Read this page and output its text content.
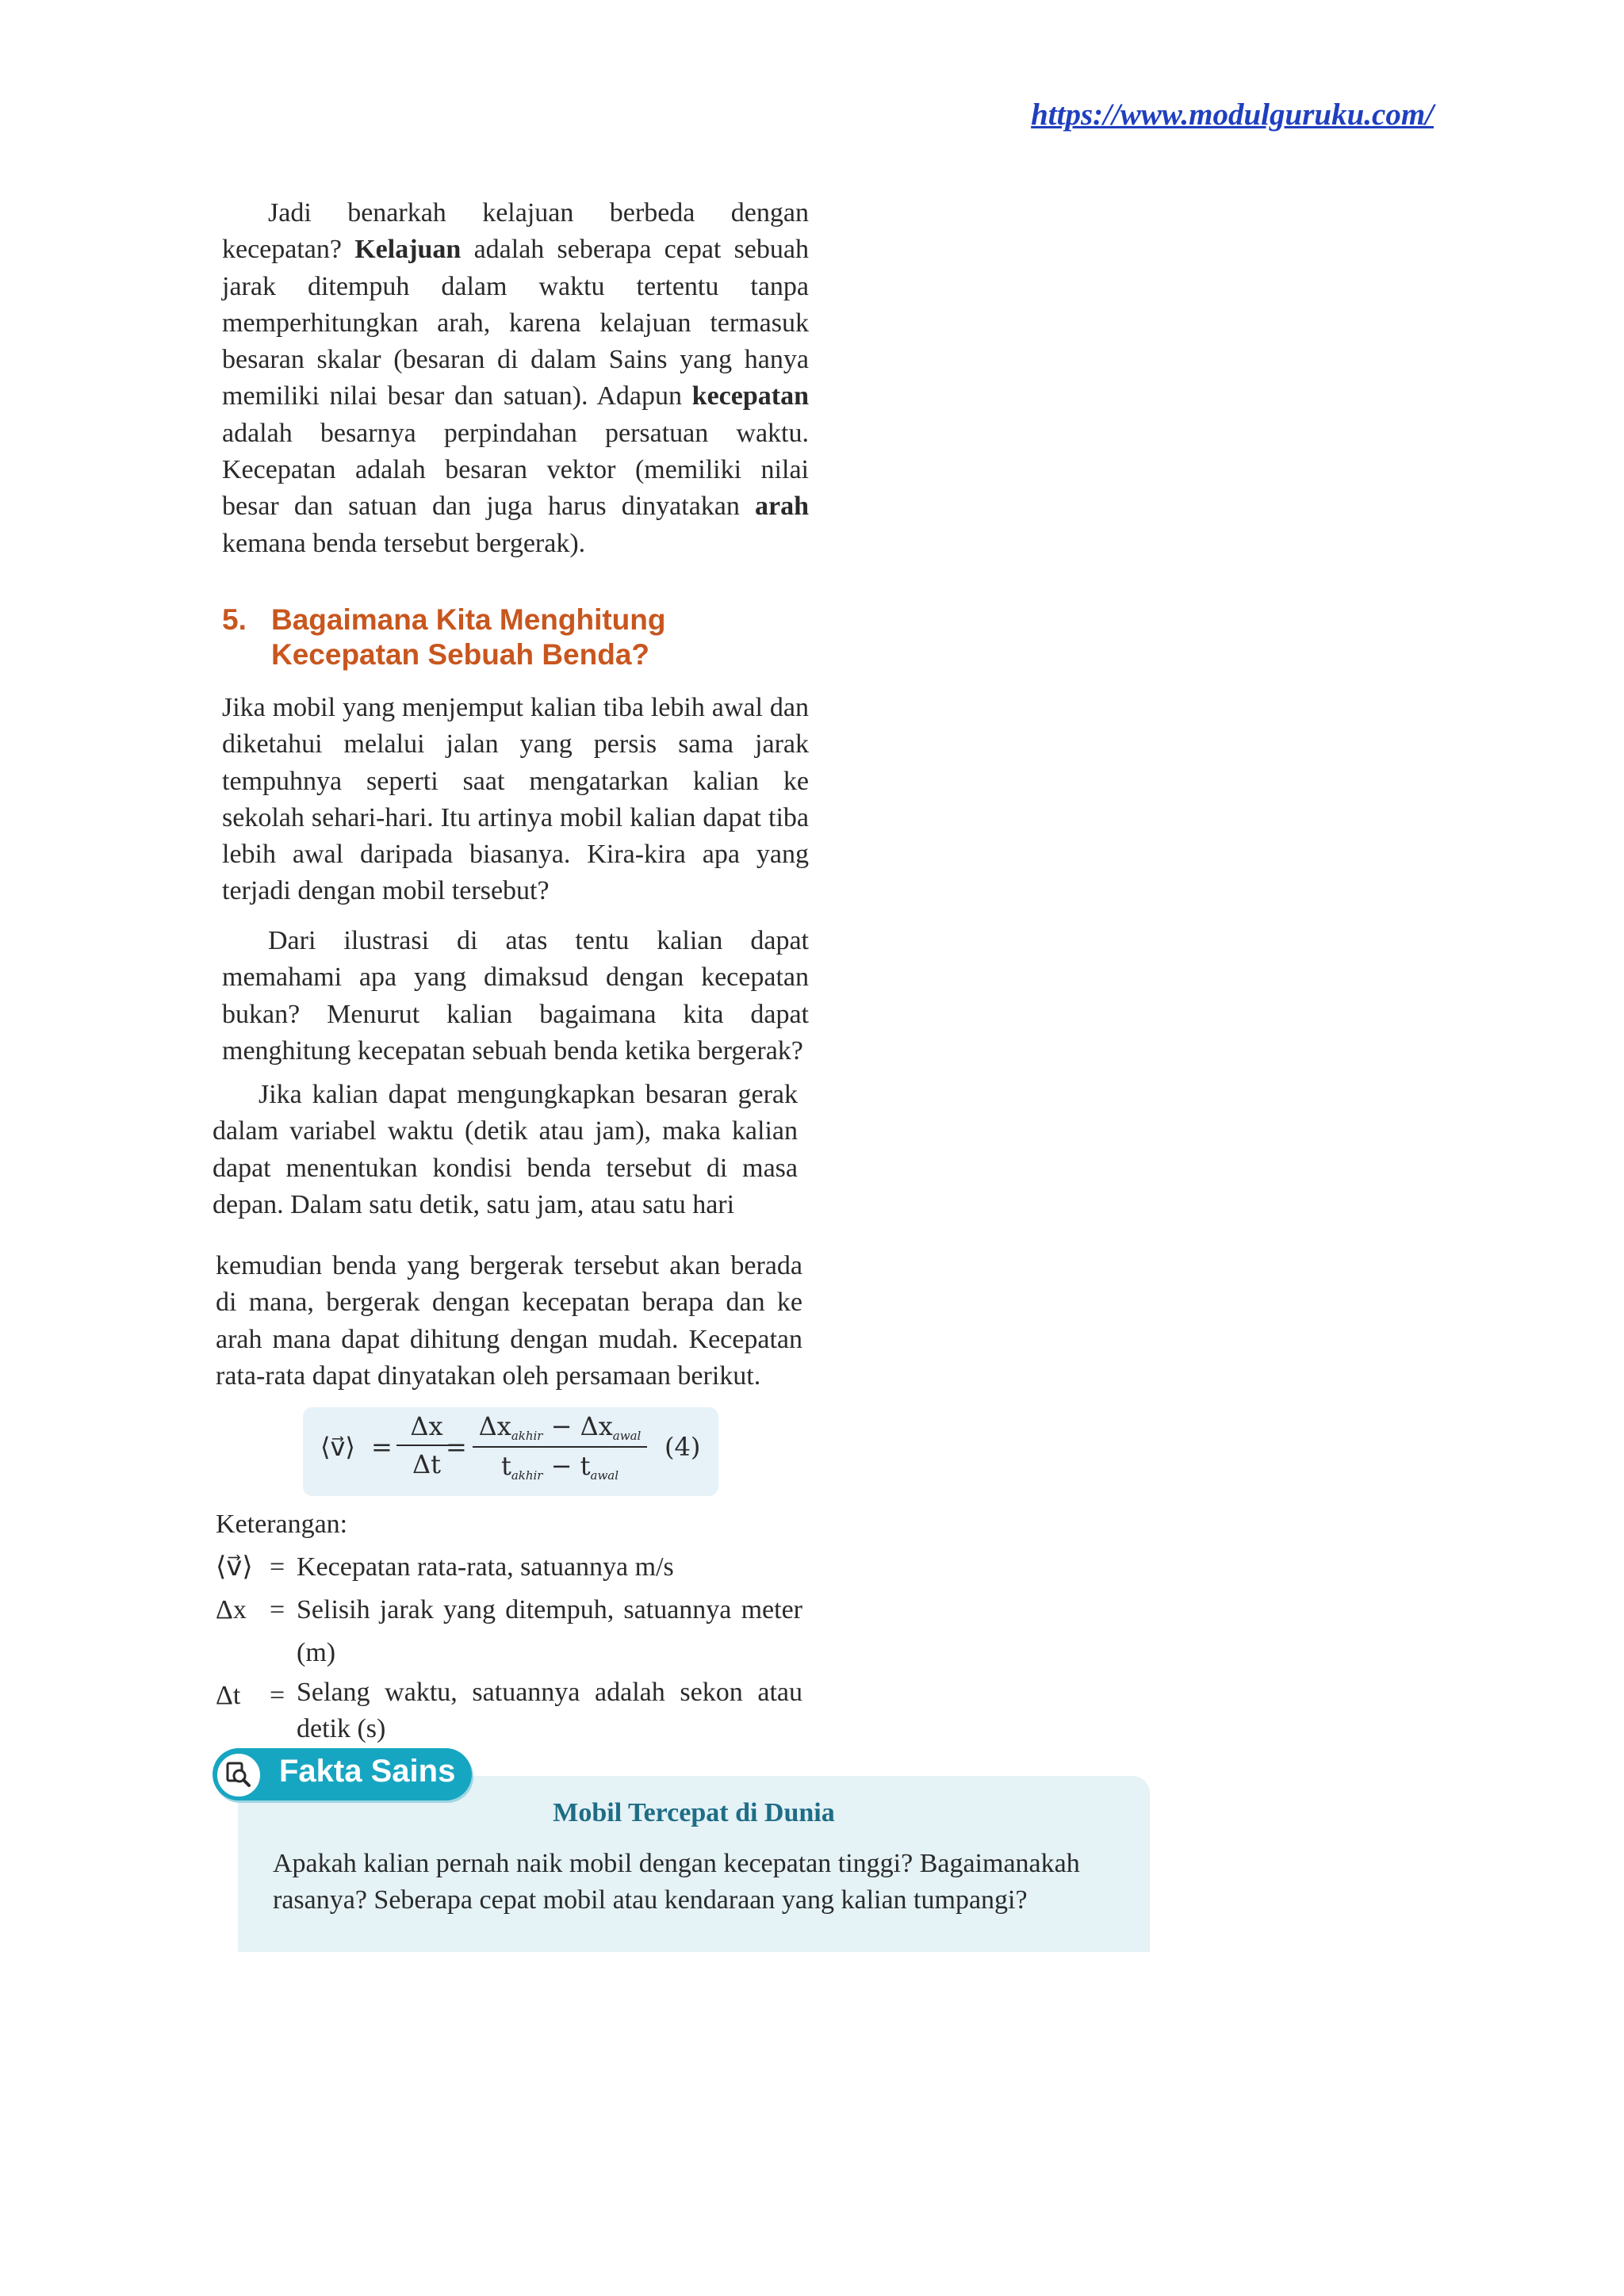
https://www.modulguruku.com/
Jadi benarkah kelajuan berbeda dengan kecepatan? Kelajuan adalah seberapa cepat sebuah jarak ditempuh dalam waktu tertentu tanpa memperhitungkan arah, karena kelajuan termasuk besaran skalar (besaran di dalam Sains yang hanya memiliki nilai besar dan satuan). Adapun kecepatan adalah besarnya perpindahan persatuan waktu. Kecepatan adalah besaran vektor (memiliki nilai besar dan satuan dan juga harus dinyatakan arah kemana benda tersebut bergerak).
5. Bagaimana Kita Menghitung
Kecepatan Sebuah Benda?
Jika mobil yang menjemput kalian tiba lebih awal dan diketahui melalui jalan yang persis sama jarak tempuhnya seperti saat mengatarkan kalian ke sekolah sehari-hari. Itu artinya mobil kalian dapat tiba lebih awal daripada biasanya. Kira-kira apa yang terjadi dengan mobil tersebut?
Dari ilustrasi di atas tentu kalian dapat memahami apa yang dimaksud dengan kecepatan bukan? Menurut kalian bagaimana kita dapat menghitung kecepatan sebuah benda ketika bergerak?
Jika kalian dapat mengungkapkan besaran gerak dalam variabel waktu (detik atau jam), maka kalian dapat menentukan kondisi benda tersebut di masa depan. Dalam satu detik, satu jam, atau satu hari
kemudian benda yang bergerak tersebut akan berada di mana, bergerak dengan kecepatan berapa dan ke arah mana dapat dihitung dengan mudah. Kecepatan rata-rata dapat dinyatakan oleh persamaan berikut.
⟨v⃗⟩ = $\frac{\Delta x}{\Delta t}$
=
$\Delta x_{akhir} - \Delta x_{awal}$
$t_{akhir} - t_{awal}$
(4)
Keterangan:
⟨v⃗⟩ = Kecepatan rata-rata, satuannya m/s
Δx = Selisih jarak yang ditempuh, satuannya meter (m)
Δt	= Selang waktu, satuannya adalah sekon atau detik (s)
Fakta Sains
Mobil Tercepat di Dunia
Apakah kalian pernah naik mobil dengan kecepatan tinggi? Bagaimanakah rasanya? Seberapa cepat mobil atau kendaraan yang kalian tumpangi?
